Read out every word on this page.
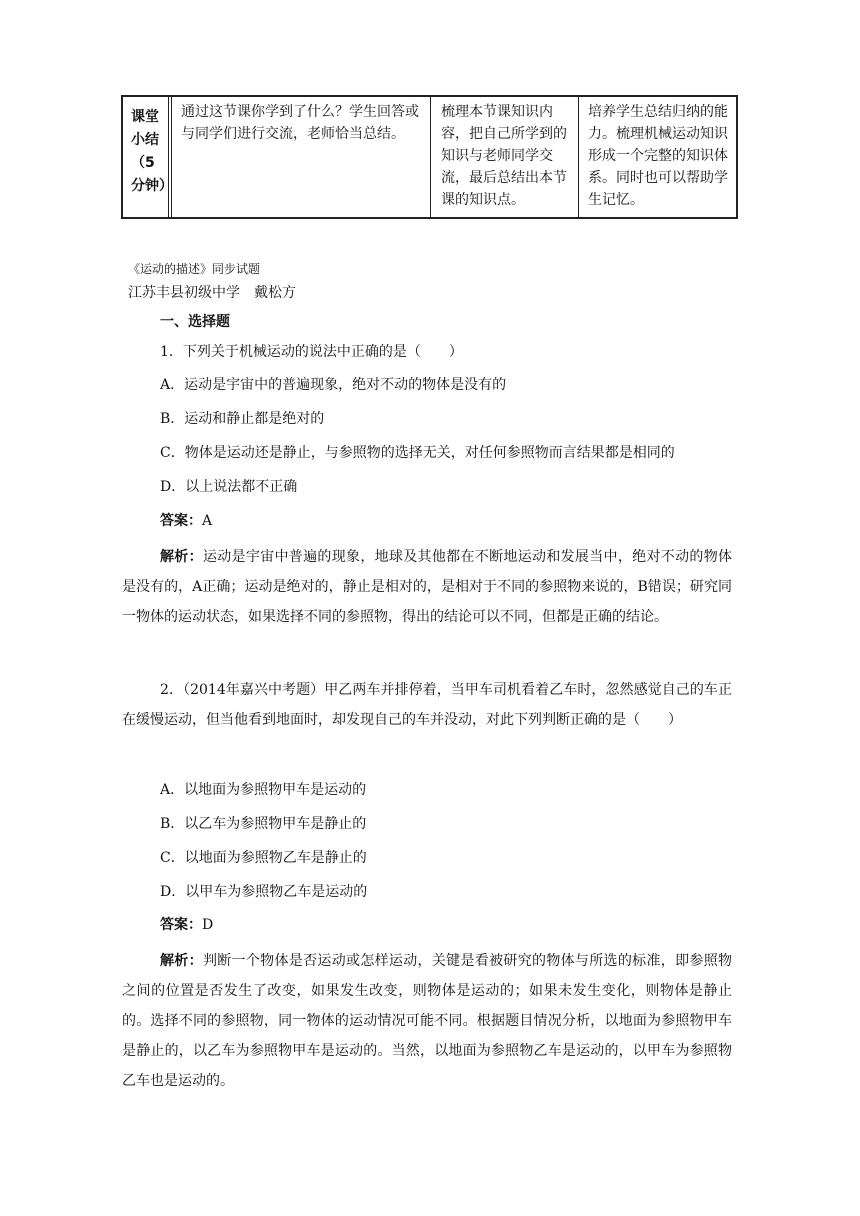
课堂小结（5分钟）
通过这节课你学到了什么？学生回答或与同学们进行交流，老师恰当总结。
梳理本节课知识内容，把自己所学到的知识与老师同学交流，最后总结出本节课的知识点。
培养学生总结归纳的能力。梳理机械运动知识形成一个完整的知识体系。同时也可以帮助学生记忆。
《运动的描述》同步试题
江苏丰县初级中学　戴松方
一、选择题
1．下列关于机械运动的说法中正确的是（　　）
A．运动是宇宙中的普遍现象，绝对不动的物体是没有的
B．运动和静止都是绝对的
C．物体是运动还是静止，与参照物的选择无关，对任何参照物而言结果都是相同的
D．以上说法都不正确
答案：A
解析：运动是宇宙中普遍的现象，地球及其他都在不断地运动和发展当中，绝对不动的物体是没有的，A正确；运动是绝对的，静止是相对的，是相对于不同的参照物来说的，B错误；研究同一物体的运动状态，如果选择不同的参照物，得出的结论可以不同，但都是正确的结论。
2．（2014年嘉兴中考题）甲乙两车并排停着，当甲车司机看着乙车时，忽然感觉自己的车正在缓慢运动，但当他看到地面时，却发现自己的车并没动，对此下列判断正确的是（　　）
A．以地面为参照物甲车是运动的
B．以乙车为参照物甲车是静止的
C．以地面为参照物乙车是静止的
D．以甲车为参照物乙车是运动的
答案：D
解析：判断一个物体是否运动或怎样运动，关键是看被研究的物体与所选的标准，即参照物之间的位置是否发生了改变，如果发生改变，则物体是运动的；如果未发生变化，则物体是静止的。选择不同的参照物，同一物体的运动情况可能不同。根据题目情况分析，以地面为参照物甲车是静止的，以乙车为参照物甲车是运动的。当然，以地面为参照物乙车是运动的，以甲车为参照物乙车也是运动的。
